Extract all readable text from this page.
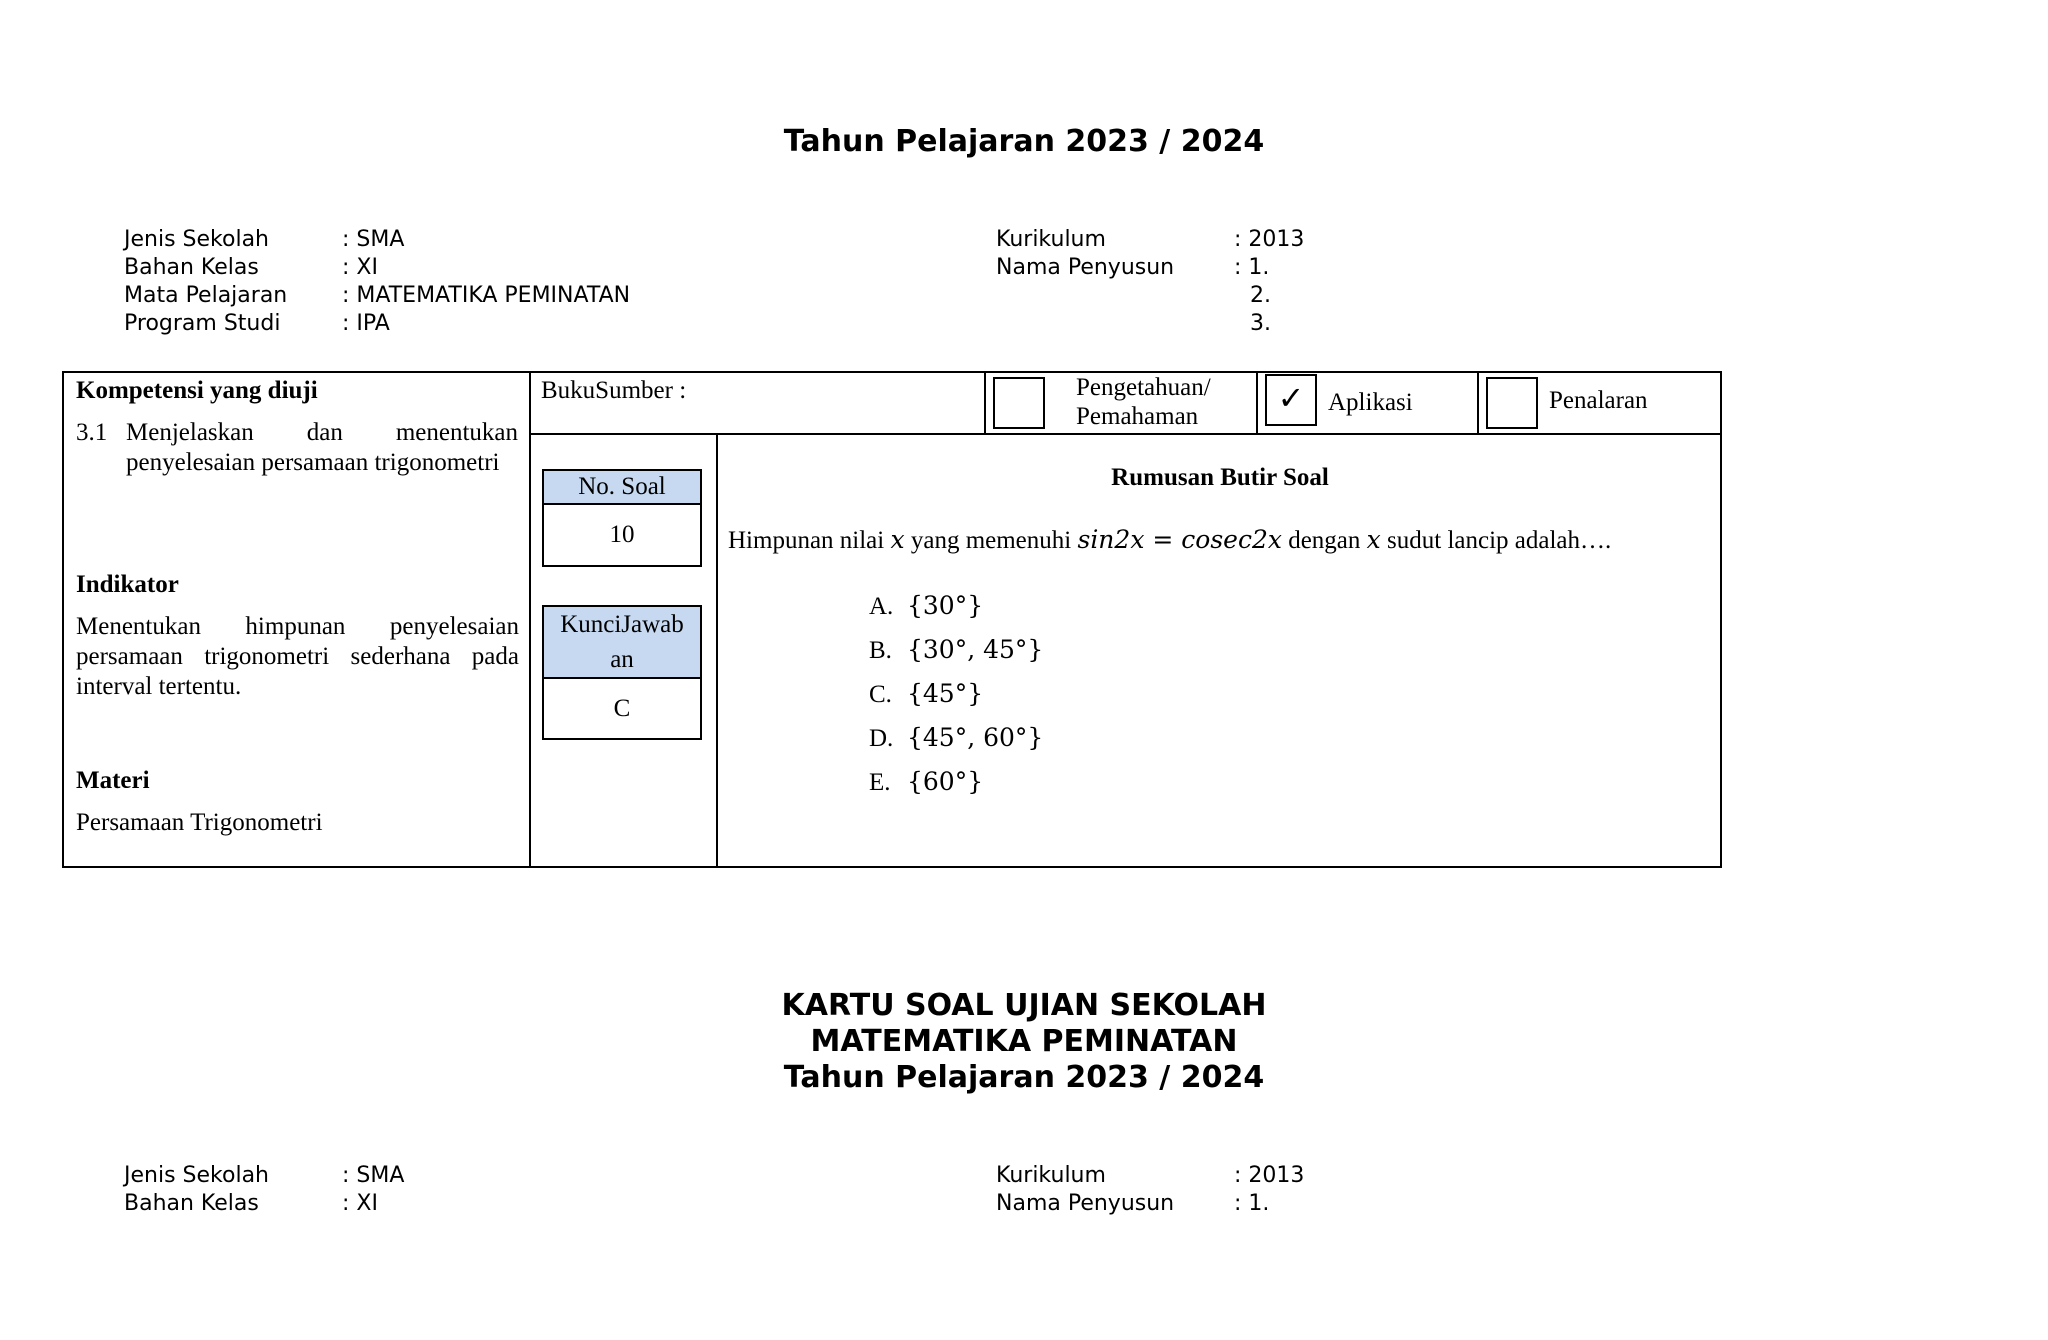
Tahun Pelajaran 2023 / 2024
Jenis Sekolah	: SMA
Bahan Kelas	: XI
Mata Pelajaran : MATEMATIKA PEMINATAN
Program Studi	: IPA
Kurikulum	: 2013
Nama Penyusun	: 1.
2.
3.
Kompetensi yang diuji
3.1 Menjelaskan dan menentukan
penyelesaian persamaan trigonometri
Indikator
Menentukan himpunan penyelesaian
persamaan trigonometri sederhana pada
interval tertentu.
Materi
Persamaan Trigonometri
BukuSumber :	Pengetahuan/
Pemahaman	✓ Aplikasi	Penalaran
No. Soal
10
KunciJawab
an
C
Rumusan Butir Soal
Himpunan nilai x yang memenuhi sin2x = cosec2x dengan x sudut lancip adalah….
A. {30°}
B. {30°, 45°}
C. {45°}
D. {45°, 60°}
E. {60°}
KARTU SOAL UJIAN SEKOLAH
MATEMATIKA PEMINATAN
Tahun Pelajaran 2023 / 2024
Jenis Sekolah	: SMA
Bahan Kelas	: XI
Kurikulum	: 2013
Nama Penyusun	: 1.
